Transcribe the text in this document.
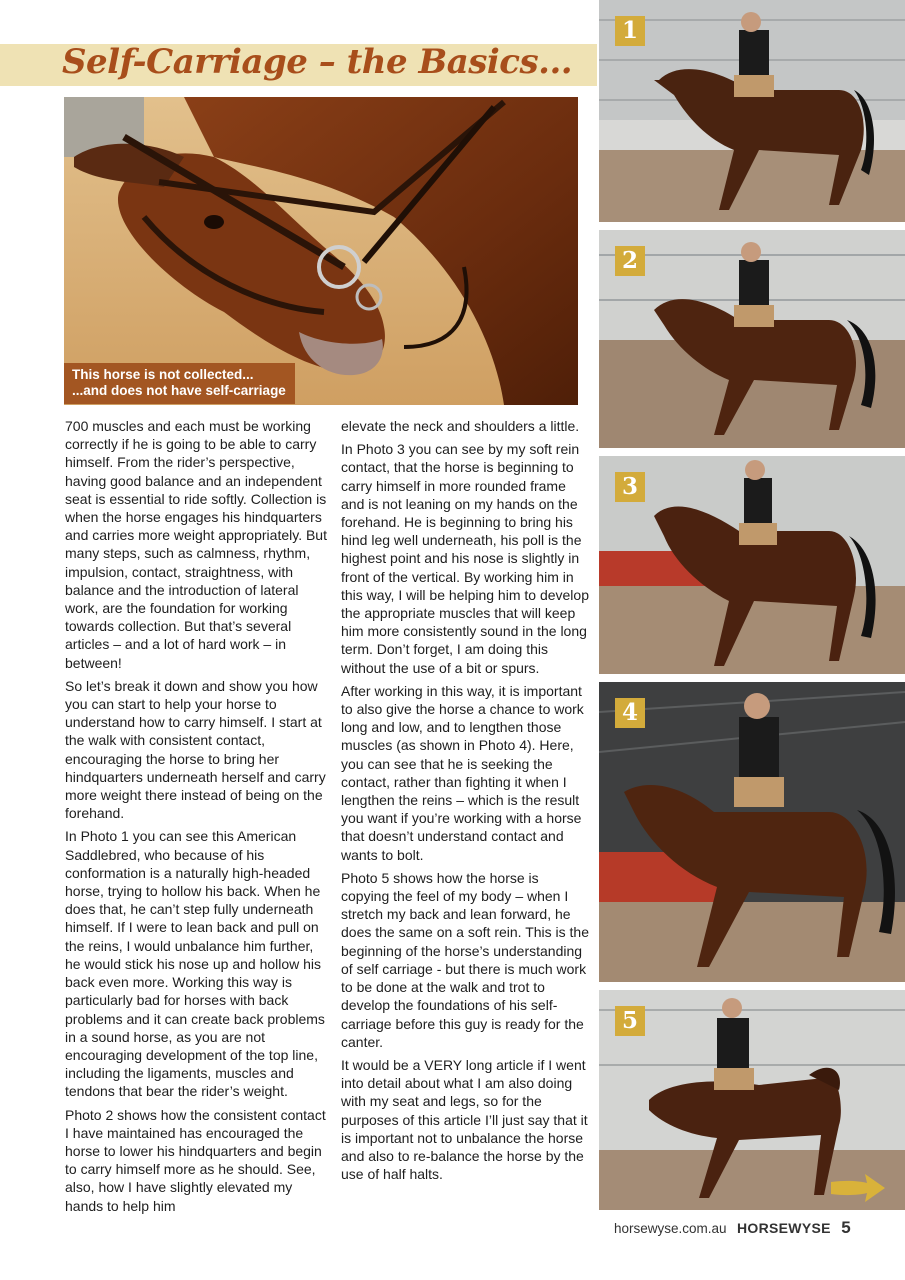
Self-Carriage – the Basics...
This horse is not collected...
...and does not have self-carriage

700 muscles and each must be working correctly if he is going to be able to carry himself. From the rider’s perspective, having good balance and an independent seat is essential to ride softly. Collection is when the horse engages his hindquarters and carries more weight appropriately. But many steps, such as calmness, rhythm, impulsion, contact, straightness, with balance and the introduction of lateral work, are the foundation for working towards collection. But that’s several articles – and a lot of hard work – in between!

So let’s break it down and show you how you can start to help your horse to understand how to carry himself. I start at the walk with consistent contact, encouraging the horse to bring her hindquarters underneath herself and carry more weight there instead of being on the forehand.

In Photo 1 you can see this American Saddlebred, who because of his conformation is a naturally high-headed horse, trying to hollow his back. When he does that, he can’t step fully underneath himself. If I were to lean back and pull on the reins, I would unbalance him further, he would stick his nose up and hollow his back even more. Working this way is particularly bad for horses with back problems and it can create back problems in a sound horse, as you are not encouraging development of the top line, including the ligaments, muscles and tendons that bear the rider’s weight.

Photo 2 shows how the consistent contact I have maintained has encouraged the horse to lower his hindquarters and begin to carry himself more as he should. See, also, how I have slightly elevated my hands to help him

elevate the neck and shoulders a little.

In Photo 3 you can see by my soft rein contact, that the horse is beginning to carry himself in more rounded frame and is not leaning on my hands on the forehand. He is beginning to bring his hind leg well underneath, his poll is the highest point and his nose is slightly in front of the vertical. By working him in this way, I will be helping him to develop the appropriate muscles that will keep him more consistently sound in the long term. Don’t forget, I am doing this without the use of a bit or spurs.

After working in this way, it is important to also give the horse a chance to work long and low, and to lengthen those muscles (as shown in Photo 4). Here, you can see that he is seeking the contact, rather than fighting it when I lengthen the reins – which is the result you want if you’re working with a horse that doesn’t understand contact and wants to bolt.

Photo 5 shows how the horse is copying the feel of my body – when I stretch my back and lean forward, he does the same on a soft rein. This is the beginning of the horse’s understanding of self carriage - but there is much work to be done at the walk and trot to develop the foundations of his self-carriage before this guy is ready for the canter.

It would be a VERY long article if I went into detail about what I am also doing with my seat and legs, so for the purposes of this article I’ll just say that it is important not to unbalance the horse and also to re-balance the horse by the use of half halts.

1
2
3
4
5
horsewyse.com.au HORSEWYSE 5
